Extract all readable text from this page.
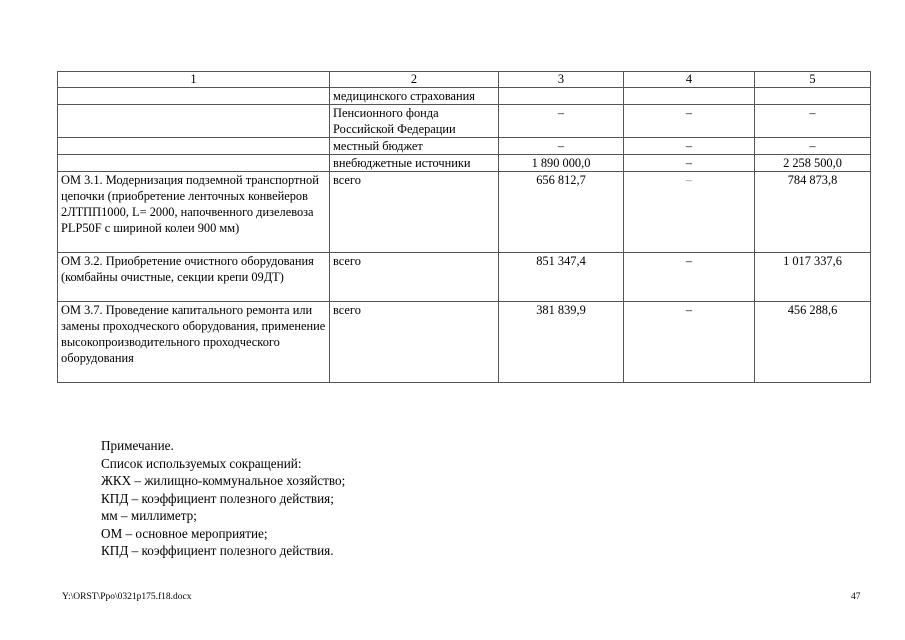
1	2	3	4	5
	медицинского страхования			
	Пенсионного фонда Российской Федерации	–	–	–
	местный бюджет	–	–	–
	внебюджетные источники	1 890 000,0	–	2 258 500,0
ОМ 3.1. Модернизация подземной транспортной цепочки (приобретение ленточных конвейеров 2ЛТПП1000, L= 2000, напочвенного дизелевоза PLP50F с шириной колеи 900 мм)	всего	656 812,7	–	784 873,8
ОМ 3.2. Приобретение очистного оборудования (комбайны очистные, секции крепи 09ДТ)	всего	851 347,4	–	1 017 337,6
ОМ 3.7. Проведение капитального ремонта или замены проходческого оборудования, применение высокопроизводительного проходческого оборудования	всего	381 839,9	–	456 288,6
Примечание.
Список используемых сокращений:
ЖКХ – жилищно-коммунальное хозяйство;
КПД – коэффициент полезного действия;
мм – миллиметр;
ОМ – основное мероприятие;
КПД – коэффициент полезного действия.
Y:\ORST\Ppo\0321p175.f18.docx	47
